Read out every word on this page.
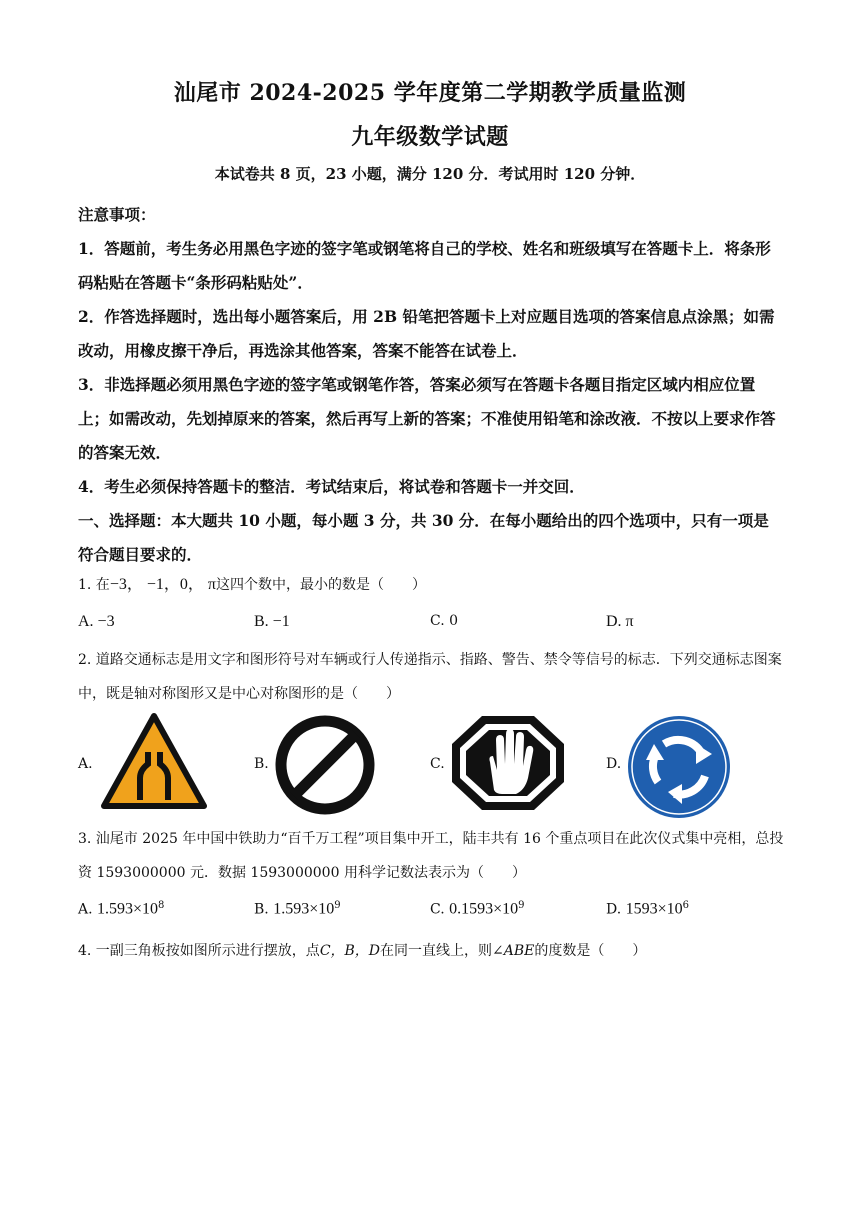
汕尾市 2024-2025 学年度第二学期教学质量监测
九年级数学试题
本试卷共 8 页，23 小题，满分 120 分．考试用时 120 分钟．

注意事项：

1．答题前，考生务必用黑色字迹的签字笔或钢笔将自己的学校、姓名和班级填写在答题卡上．将条形码粘贴在答题卡“条形码粘贴处”．

2．作答选择题时，选出每小题答案后，用 2B 铅笔把答题卡上对应题目选项的答案信息点涂黑；如需改动，用橡皮擦干净后，再选涂其他答案，答案不能答在试卷上．

3．非选择题必须用黑色字迹的签字笔或钢笔作答，答案必须写在答题卡各题目指定区域内相应位置上；如需改动，先划掉原来的答案，然后再写上新的答案；不准使用铅笔和涂改液．不按以上要求作答的答案无效．

4．考生必须保持答题卡的整洁．考试结束后，将试卷和答题卡一并交回．

一、选择题：本大题共 10 小题，每小题 3 分，共 30 分．在每小题给出的四个选项中，只有一项是符合题目要求的．

1. 在−3， −1，0， π这四个数中，最小的数是（　　）

A. −3	B. −1	C. 0	D. π

2. 道路交通标志是用文字和图形符号对车辆或行人传递指示、指路、警告、禁令等信号的标志．下列交通标志图案中，既是轴对称图形又是中心对称图形的是（　　）

A.	B.	C.	D.

3. 汕尾市 2025 年中国中铁助力“百千万工程”项目集中开工，陆丰共有 16 个重点项目在此次仪式集中亮相，总投资 1593000000 元．数据 1593000000 用科学记数法表示为（　　）

A. $1.593\times 10^8$	B. $1.593\times 10^9$	C. $0.1593\times 10^9$	D. $1593\times 10^6$

4. 一副三角板按如图所示进行摆放，点C，B，D在同一直线上，则∠ABE的度数是（　　）
